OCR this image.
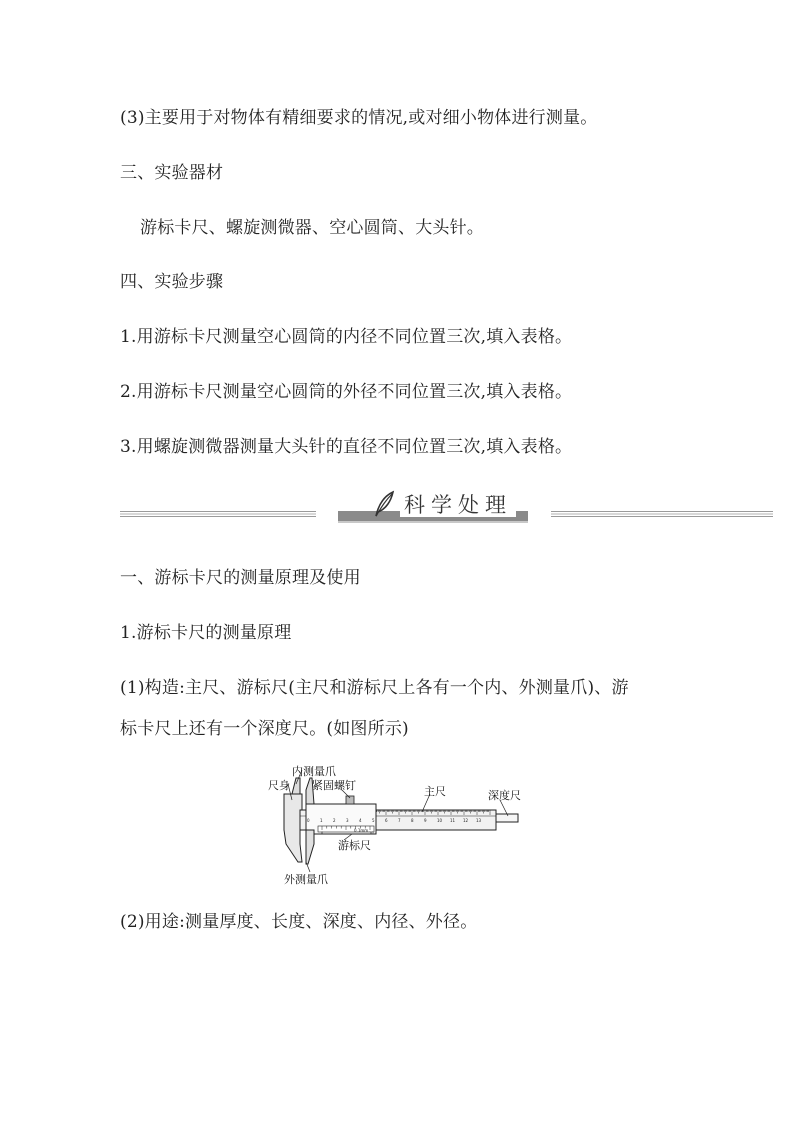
(3)主要用于对物体有精细要求的情况,或对细小物体进行测量。
三、实验器材
游标卡尺、螺旋测微器、空心圆筒、大头针。
四、实验步骤
1.用游标卡尺测量空心圆筒的内径不同位置三次,填入表格。
2.用游标卡尺测量空心圆筒的外径不同位置三次,填入表格。
3.用螺旋测微器测量大头针的直径不同位置三次,填入表格。
科学处理
一、游标卡尺的测量原理及使用
1.游标卡尺的测量原理
(1)构造:主尺、游标尺(主尺和游标尺上各有一个内、外测量爪)、游
标卡尺上还有一个深度尺。(如图所示)
0	1	2	3	4	5	6	7	8	9	10 11 12 13
0	10
内测量爪
尺身 紧固螺钉	主尺	深度尺
游标尺
外测量爪
0.1mm
(2)用途:测量厚度、长度、深度、内径、外径。
